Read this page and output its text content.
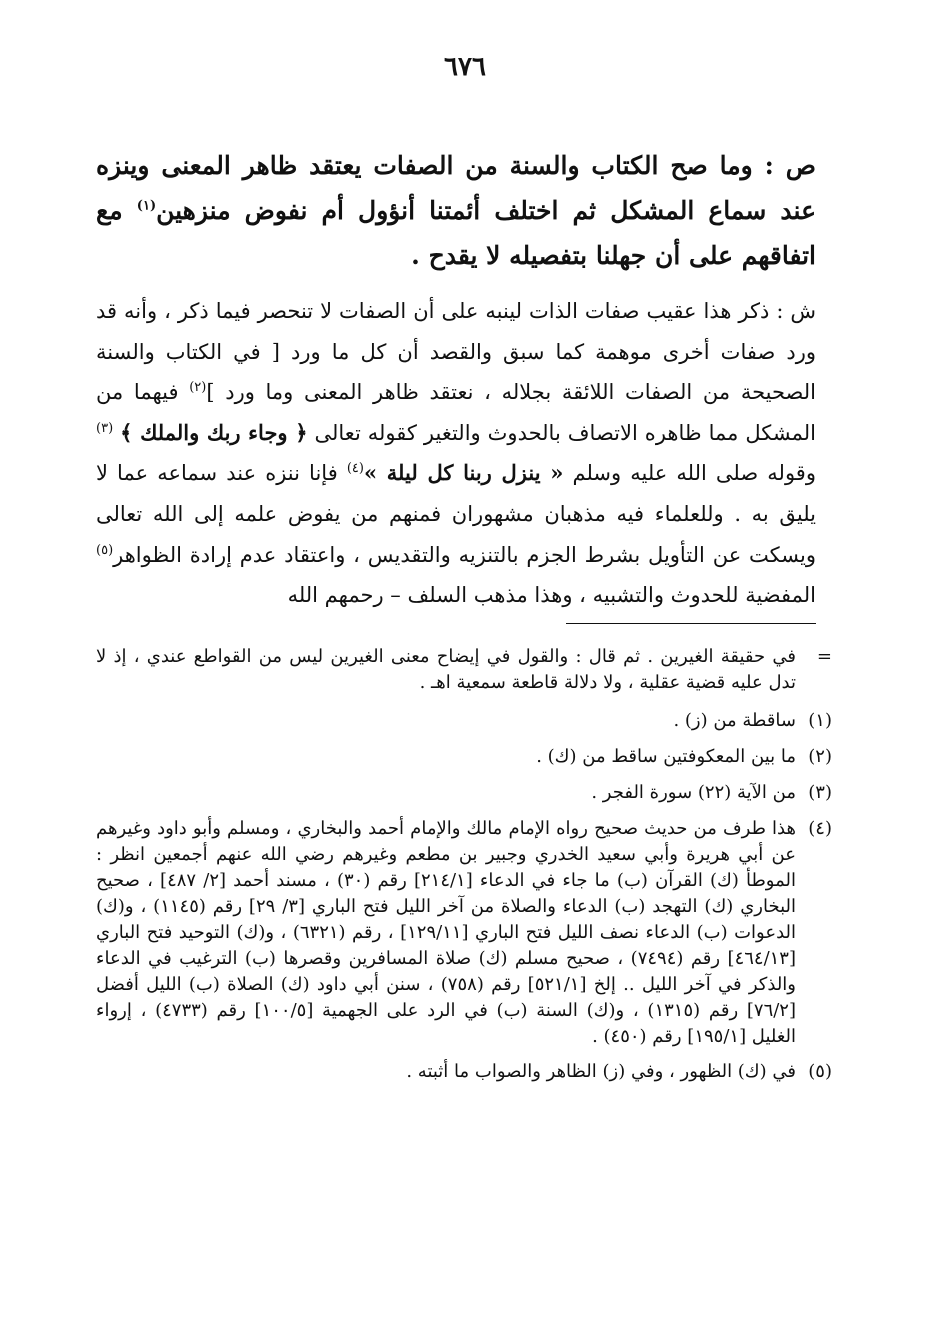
٦٧٦

ص : وما صح الكتاب والسنة من الصفات يعتقد ظاهر المعنى وينزه عند سماع المشكل ثم اختلف أئمتنا أنؤول أم نفوض منزهين$^{(١)}$ مع اتفاقهم على أن جهلنا بتفصيله لا يقدح .

ش : ذكر هذا عقيب صفات الذات لينبه على أن الصفات لا تنحصر فيما ذكر ، وأنه قد ورد صفات أخرى موهمة كما سبق والقصد أن كل ما ورد [ في الكتاب والسنة الصحيحة من الصفات اللائقة بجلاله ، نعتقد ظاهر المعنى وما ورد ]$^{(٢)}$ فيهما من المشكل مما ظاهره الاتصاف بالحدوث والتغير كقوله تعالى ﴿ وجاء ربك والملك ﴾ $^{(٣)}$ وقوله صلى الله عليه وسلم « ينزل ربنا كل ليلة »$^{(٤)}$ فإنا ننزه عند سماعه عما لا يليق به . وللعلماء فيه مذهبان مشهوران فمنهم من يفوض علمه إلى الله تعالى ويسكت عن التأويل بشرط الجزم بالتنزيه والتقديس ، واعتقاد عدم إرادة الظواهر$^{(٥)}$ المفضية للحدوث والتشبيه ، وهذا مذهب السلف – رحمهم الله

=
في حقيقة الغيرين . ثم قال : والقول في إيضاح معنى الغيرين ليس من القواطع عندي ، إذ لا تدل عليه قضية عقلية ، ولا دلالة قاطعة سمعية اهـ .

(١)
ساقطة من (ز) .

(٢)
ما بين المعكوفتين ساقط من (ك) .

(٣)
من الآية (٢٢) سورة الفجر .

(٤)
هذا طرف من حديث صحيح رواه الإمام مالك والإمام أحمد والبخاري ، ومسلم وأبو داود وغيرهم عن أبي هريرة وأبي سعيد الخدري وجبير بن مطعم وغيرهم رضي الله عنهم أجمعين انظر : الموطأ (ك) القرآن (ب) ما جاء في الدعاء [٢١٤/١] رقم (٣٠) ، مسند أحمد [٢/ ٤٨٧] ، صحيح البخاري (ك) التهجد (ب) الدعاء والصلاة من آخر الليل فتح الباري [٣/ ٢٩] رقم (١١٤٥) ، و(ك) الدعوات (ب) الدعاء نصف الليل فتح الباري [١٢٩/١١] ، رقم (٦٣٢١) ، و(ك) التوحيد فتح الباري [٤٦٤/١٣] رقم (٧٤٩٤) ، صحيح مسلم (ك) صلاة المسافرين وقصرها (ب) الترغيب في الدعاء والذكر في آخر الليل .. إلخ [٥٢١/١] رقم (٧٥٨) ، سنن أبي داود (ك) الصلاة (ب) الليل أفضل [٧٦/٢] رقم (١٣١٥) ، و(ك) السنة (ب) في الرد على الجهمية [١٠٠/٥] رقم (٤٧٣٣) ، إرواء الغليل [١٩٥/١] رقم (٤٥٠) .

(٥)
في (ك) الظهور ، وفي (ز) الظاهر والصواب ما أثبته .
